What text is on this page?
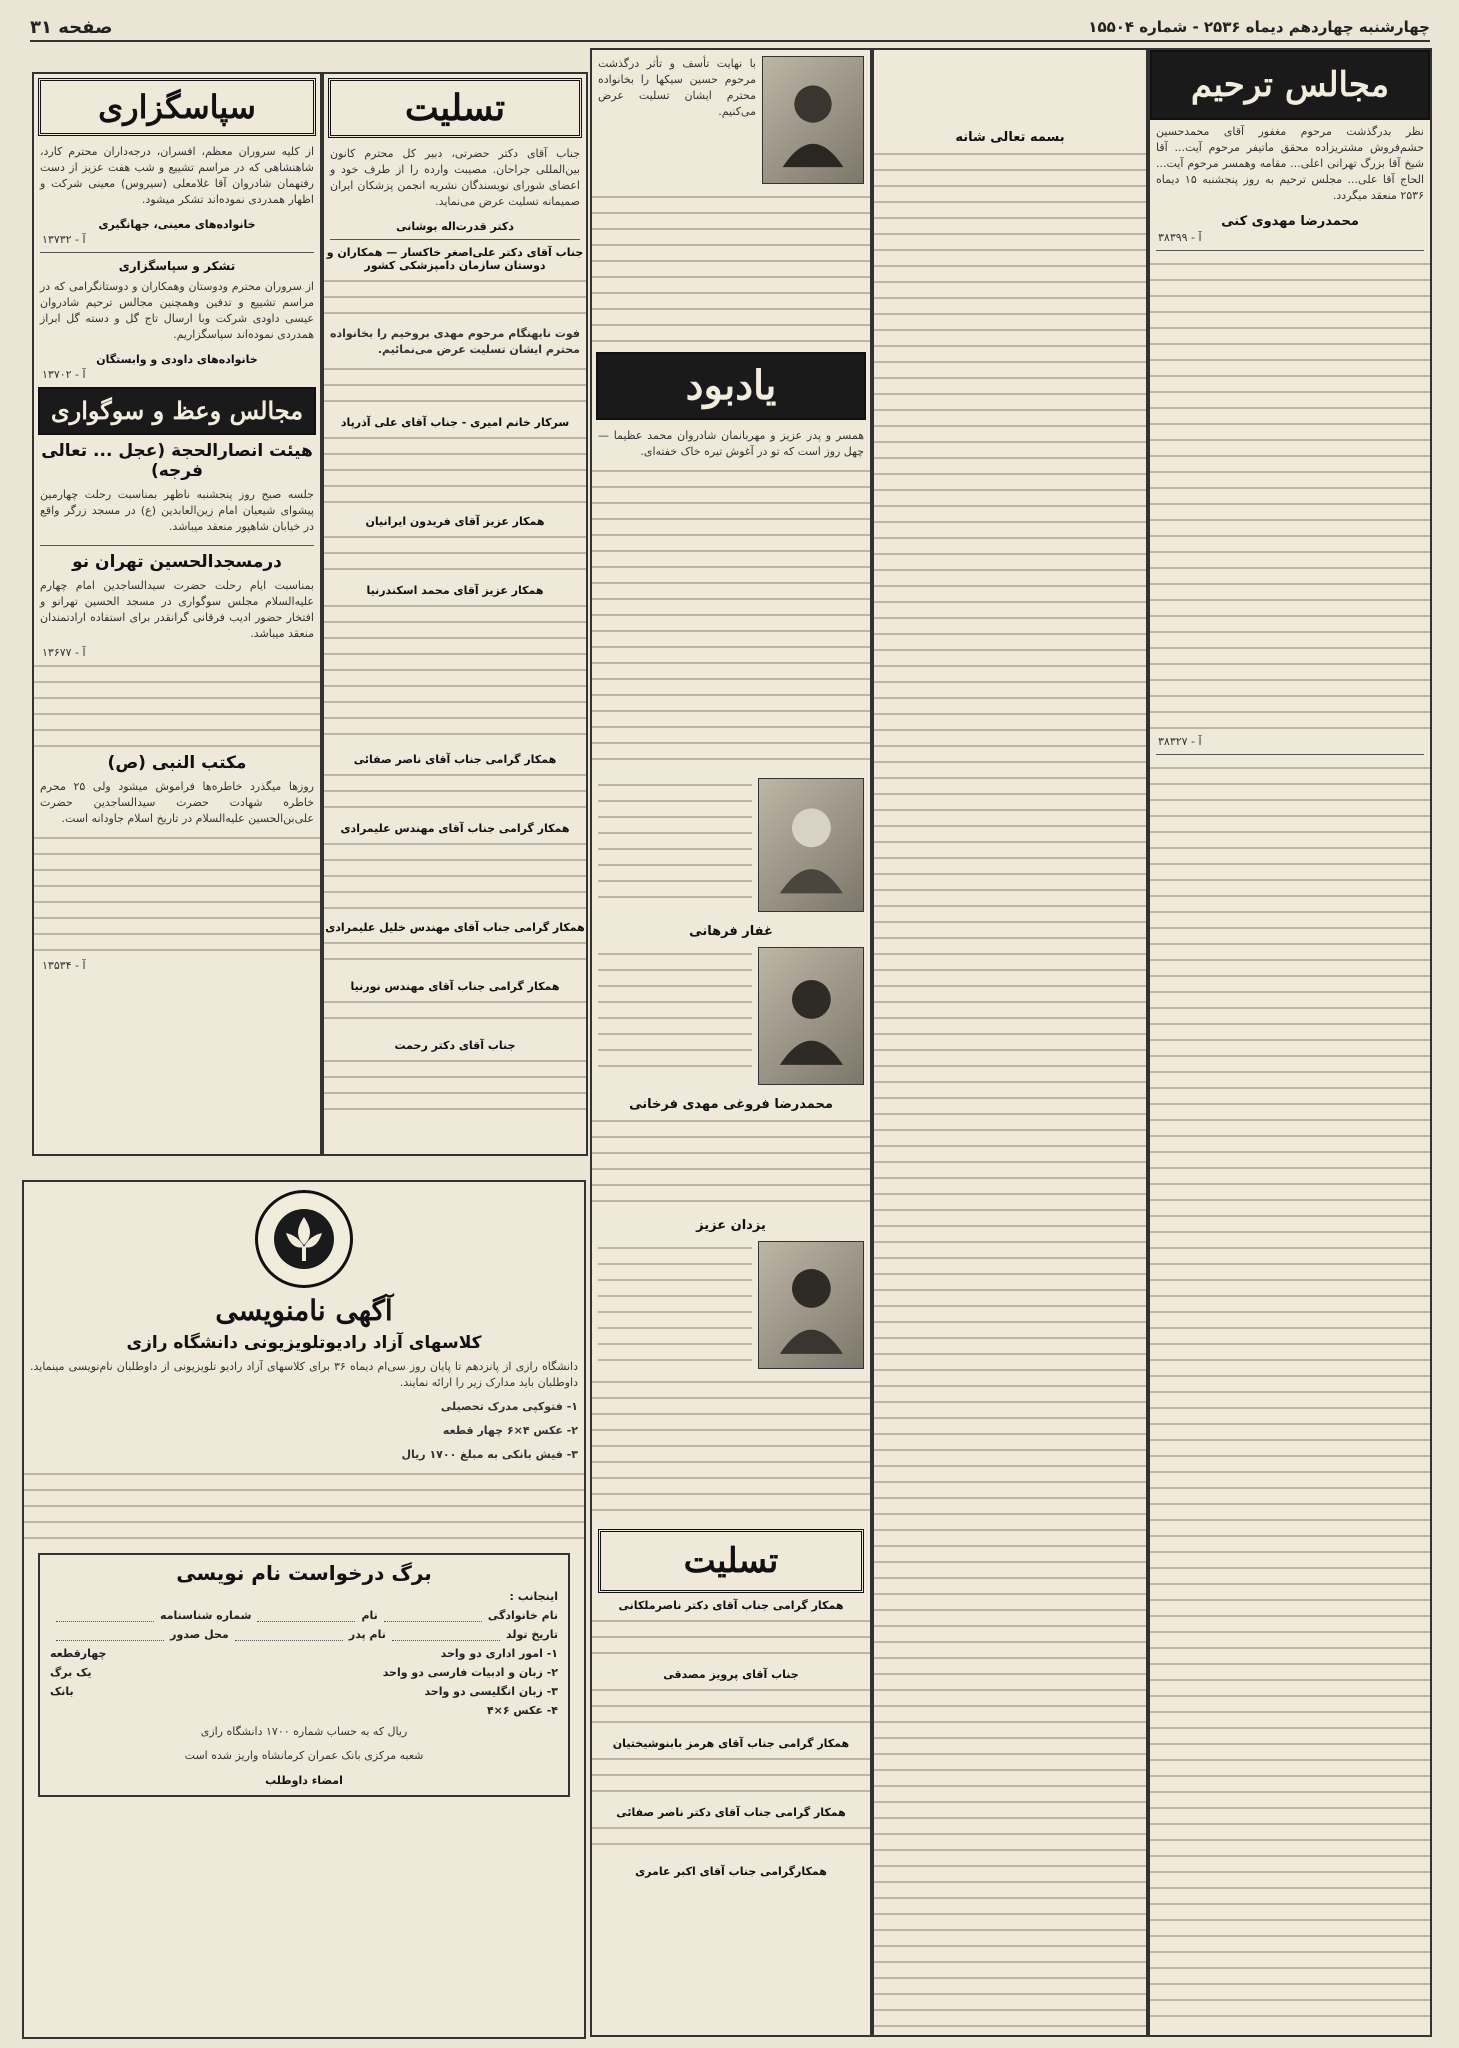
چهارشنبه چهاردهم دیماه ۲۵۳۶ - شماره ۱۵۵۰۴
صفحه ۳۱
مجالس ترحیم
نظر بدرگذشت مرحوم مغفور آقای محمدحسین حشم‌فروش مشتریزاده محقق ماتیفر مرحوم آیت... آقا شیخ آقا بزرگ تهرانی اعلی... مقامه وهمسر مرحوم آیت... الحاج آقا علی... مجلس ترحیم به روز پنجشنبه ۱۵ دیماه ۲۵۳۶ منعقد میگردد.
محمدرضا مهدوی کنی
۳۸۳۹۹ - آ
۳۸۳۲۷ - آ
بسمه تعالی شانه
با نهایت تأسف و تأثر درگذشت مرحوم حسین سیکها را بخانواده محترم ایشان تسلیت عرض می‌کنیم.
یادبود
همسر و پدر عزیز و مهربانمان شادروان محمد عظیما — چهل روز است که تو در آغوش تیره خاک خفته‌ای.
غفار فرهانی
محمدرضا فروغی مهدی فرخانی
یزدان عزیز
تسلیت
همکار گرامی جناب آقای دکتر ناصرملکانی
جناب آقای پرویز مصدقی
همکار گرامی جناب آقای هرمز بابنوشیختیان
همکار گرامی جناب آقای دکتر ناصر صفائی
همکارگرامی جناب آقای اکبر عامری
تسلیت
جناب آقای دکتر حضرتی، دبیر کل محترم کانون بین‌المللی جراحان. مصیبت وارده را از طرف خود و اعضای شورای نویسندگان نشریه انجمن پزشکان ایران صمیمانه تسلیت عرض می‌نماید.
دکتر قدرت‌اله بوشانی
جناب آقای دکتر علی‌اصغر خاکسار — همکاران و دوستان سازمان دامپزشکی کشور
فوت نابهنگام مرحوم مهدی بروخیم را بخانواده محترم ایشان تسلیت عرض می‌نمائیم.
سرکار خانم امیری - جناب آقای علی آذرپاد
همکار عزیز آقای فریدون ایرانیان
همکار عزیز آقای محمد اسکندرنیا
همکار گرامی جناب آقای ناصر صفائی
همکار گرامی جناب آقای مهندس علیمرادی
همکار گرامی جناب آقای مهندس خلیل علیمرادی
همکار گرامی جناب آقای مهندس نورنیا
جناب آقای دکتر رحمت
سپاسگزاری
از کلیه سروران معظم، افسران، درجه‌داران محترم کارد، شاهنشاهی که در مراسم تشییع و شب هفت عزیز از دست رفتهمان شادروان آقا غلامعلی (سیروس) معینی شرکت و اظهار همدردی نموده‌اند تشکر میشود.
خانواده‌های معینی، جهانگیری
۱۳۷۳۲ - آ
تشکر و سپاسگزاری
از سروران محترم ودوستان وهمکاران و دوستانگرامی که در مراسم تشییع و تدفین وهمچنین مجالس ترحیم شادروان عیسی داودی شرکت وبا ارسال تاج گل و دسته گل ابراز همدردی نموده‌اند سپاسگزاریم.
خانواده‌های داودی و وابستگان
۱۳۷۰۲ - آ
مجالس وعظ و سوگواری
هیئت انصارالحجة (عجل ... تعالی فرجه)
جلسه صبح روز پنجشنبه ناظهر بمناسبت رحلت چهارمین پیشوای شیعیان امام زین‌العابدین (ع) در مسجد زرگر واقع در خیابان شاهپور منعقد میباشد.
درمسجدالحسین تهران نو
بمناسبت ایام رحلت حضرت سیدالساجدین امام چهارم علیه‌السلام مجلس سوگواری در مسجد الحسین تهرانو و افتخار حضور ادیب فرقانی گرانقدر برای استفاده ارادتمندان منعقد میباشد.
۱۳۶۷۷ - آ
مکتب النبی (ص)
روزها میگذرد خاطره‌ها فراموش میشود ولی ۲۵ محرم خاطره شهادت حضرت سیدالساجدین حضرت علی‌بن‌الحسین علیه‌السلام در تاریخ اسلام جاودانه است.
۱۳۵۳۴ - آ
آگهی نامنویسی
کلاسهای آزاد رادیوتلویزیونی دانشگاه رازی
دانشگاه رازی از پانزدهم تا پایان روز سی‌ام دیماه ۳۶ برای کلاسهای آزاد رادیو تلویزیونی از داوطلبان نام‌نویسی مینماید. داوطلبان باید مدارک زیر را ارائه نمایند.
۱- فتوکپی مدرک تحصیلی
۲- عکس ۴×۶ چهار قطعه
۳- فیش بانکی به مبلغ ۱۷۰۰ ریال
برگ درخواست نام نویسی
اینجانب :
نام خانوادگی
نام
شماره شناسنامه
تاریخ تولد
نام پدر
محل صدور
۱- امور اداری دو واحد
چهارقطعه
۲- زبان و ادبیات فارسی دو واحد
یک برگ
۳- زبان انگلیسی دو واحد
بانک
۴- عکس ۶×۴
ریال که به حساب شماره ۱۷۰۰ دانشگاه رازی
شعبه مرکزی بانک عمران کرمانشاه واریز شده است
امضاء داوطلب
